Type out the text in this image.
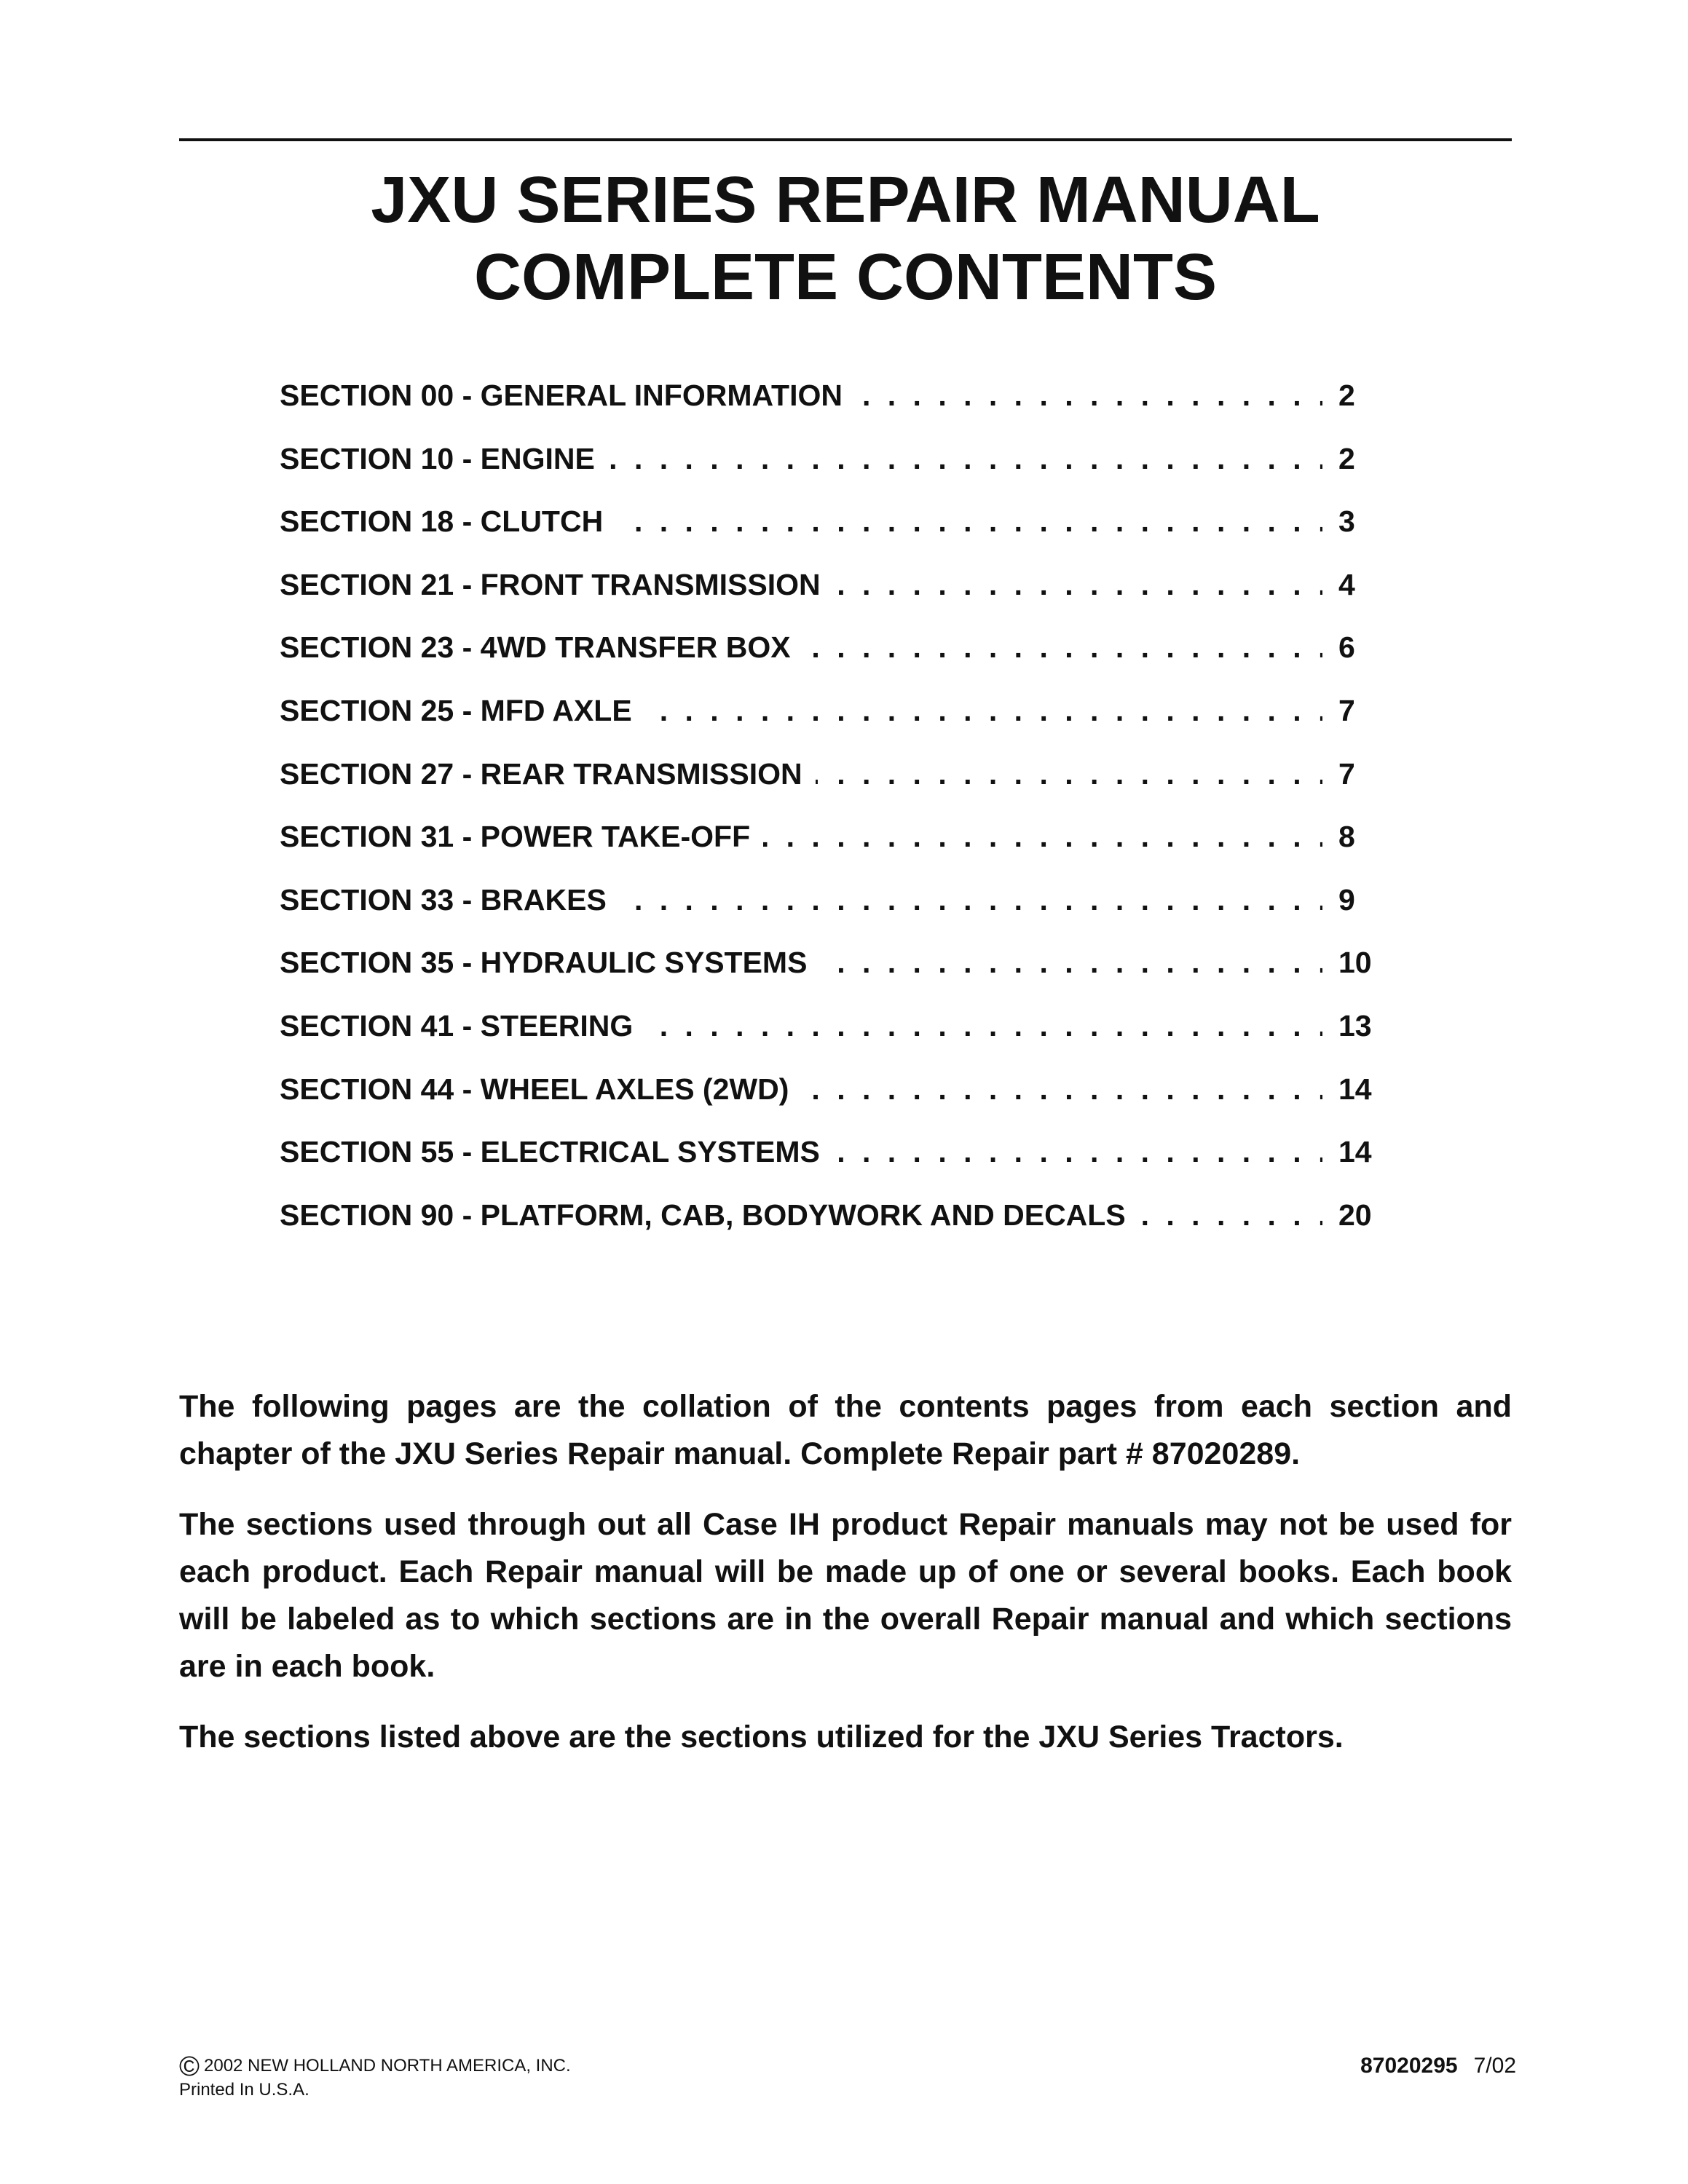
JXU SERIES REPAIR MANUAL
COMPLETE CONTENTS
. . .
SECTION 00 - GENERAL INFORMATION	2
. . .
SECTION 10 - ENGINE	2
. . .
SECTION 18 - CLUTCH	3
. . .
SECTION 21 - FRONT TRANSMISSION	4
. . .
SECTION 23 - 4WD TRANSFER BOX	6
. . .
SECTION 25 - MFD AXLE	7
. . .
SECTION 27 - REAR TRANSMISSION	7
. . .
SECTION 31 - POWER TAKE-OFF	8
. . .
SECTION 33 - BRAKES	9
. . .
SECTION 35 - HYDRAULIC SYSTEMS	10
. . .
SECTION 41 - STEERING	13
. . .
SECTION 44 - WHEEL AXLES (2WD)	14
. . .
SECTION 55 - ELECTRICAL SYSTEMS	14
. . .
SECTION 90 - PLATFORM, CAB, BODYWORK AND DECALS	20

The following pages are the collation of the contents pages from each section and chapter of the JXU Series Repair manual. Complete Repair part # 87020289.

The sections used through out all Case IH product Repair manuals may not be used for each product. Each Repair manual will be made up of one or several books. Each book will be labeled as to which sections are in the overall Repair manual and which sections are in each book.

The sections listed above are the sections utilized for the JXU Series Tractors.

© 2002 NEW HOLLAND NORTH AMERICA, INC.
Printed In U.S.A.
87020295 7/02
